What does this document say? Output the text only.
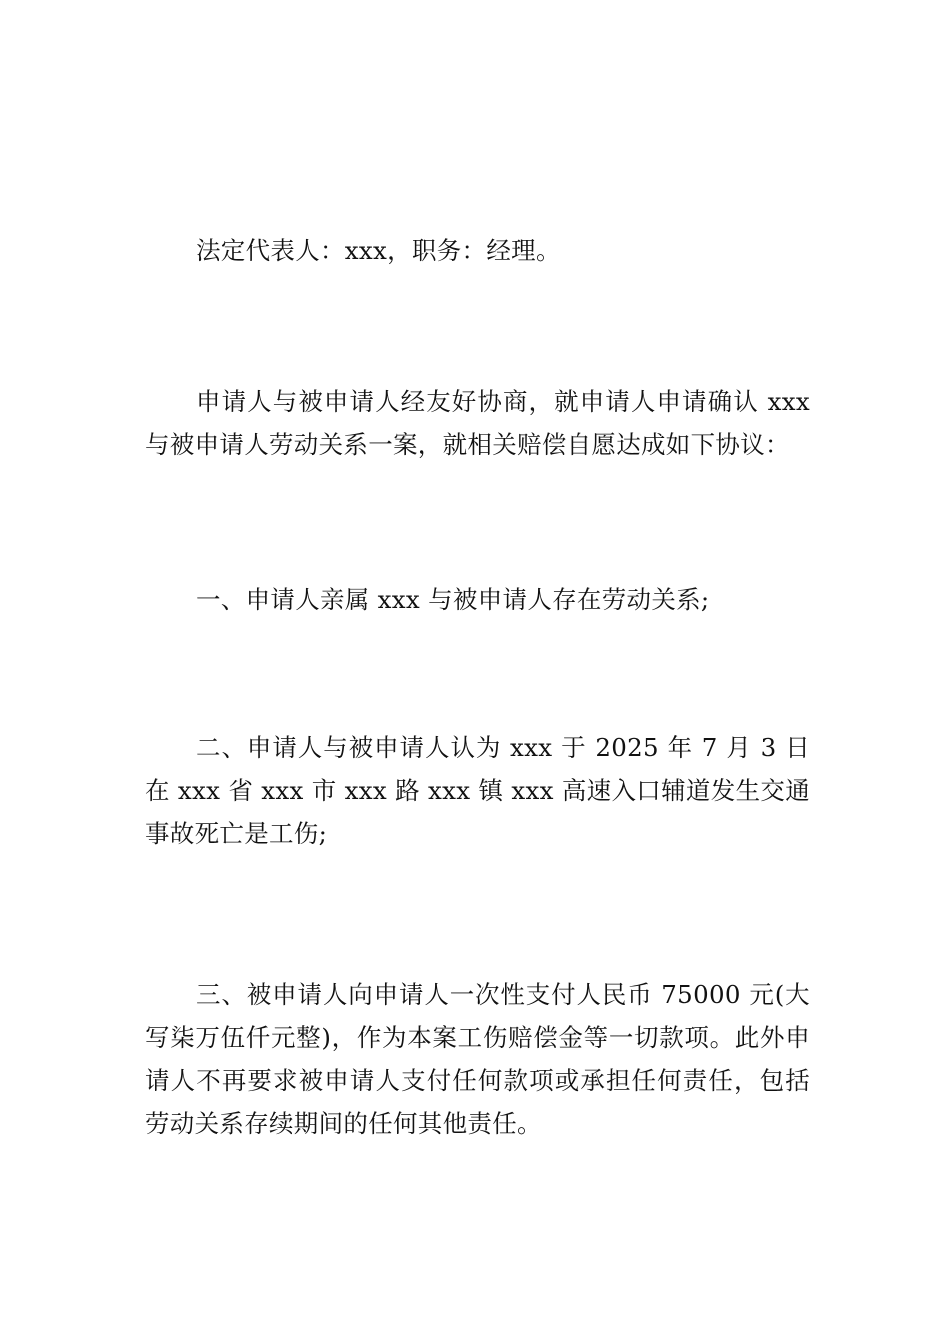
法定代表人：xxx，职务：经理。

申请人与被申请人经友好协商，就申请人申请确认 xxx 与被申请人劳动关系一案，就相关赔偿自愿达成如下协议：

一、申请人亲属 xxx 与被申请人存在劳动关系;

二、申请人与被申请人认为 xxx 于 2025 年 7 月 3 日在 xxx 省 xxx 市 xxx 路 xxx 镇 xxx 高速入口辅道发生交通事故死亡是工伤;

三、被申请人向申请人一次性支付人民币 75000 元(大写柒万伍仟元整)，作为本案工伤赔偿金等一切款项。此外申请人不再要求被申请人支付任何款项或承担任何责任，包括劳动关系存续期间的任何其他责任。
